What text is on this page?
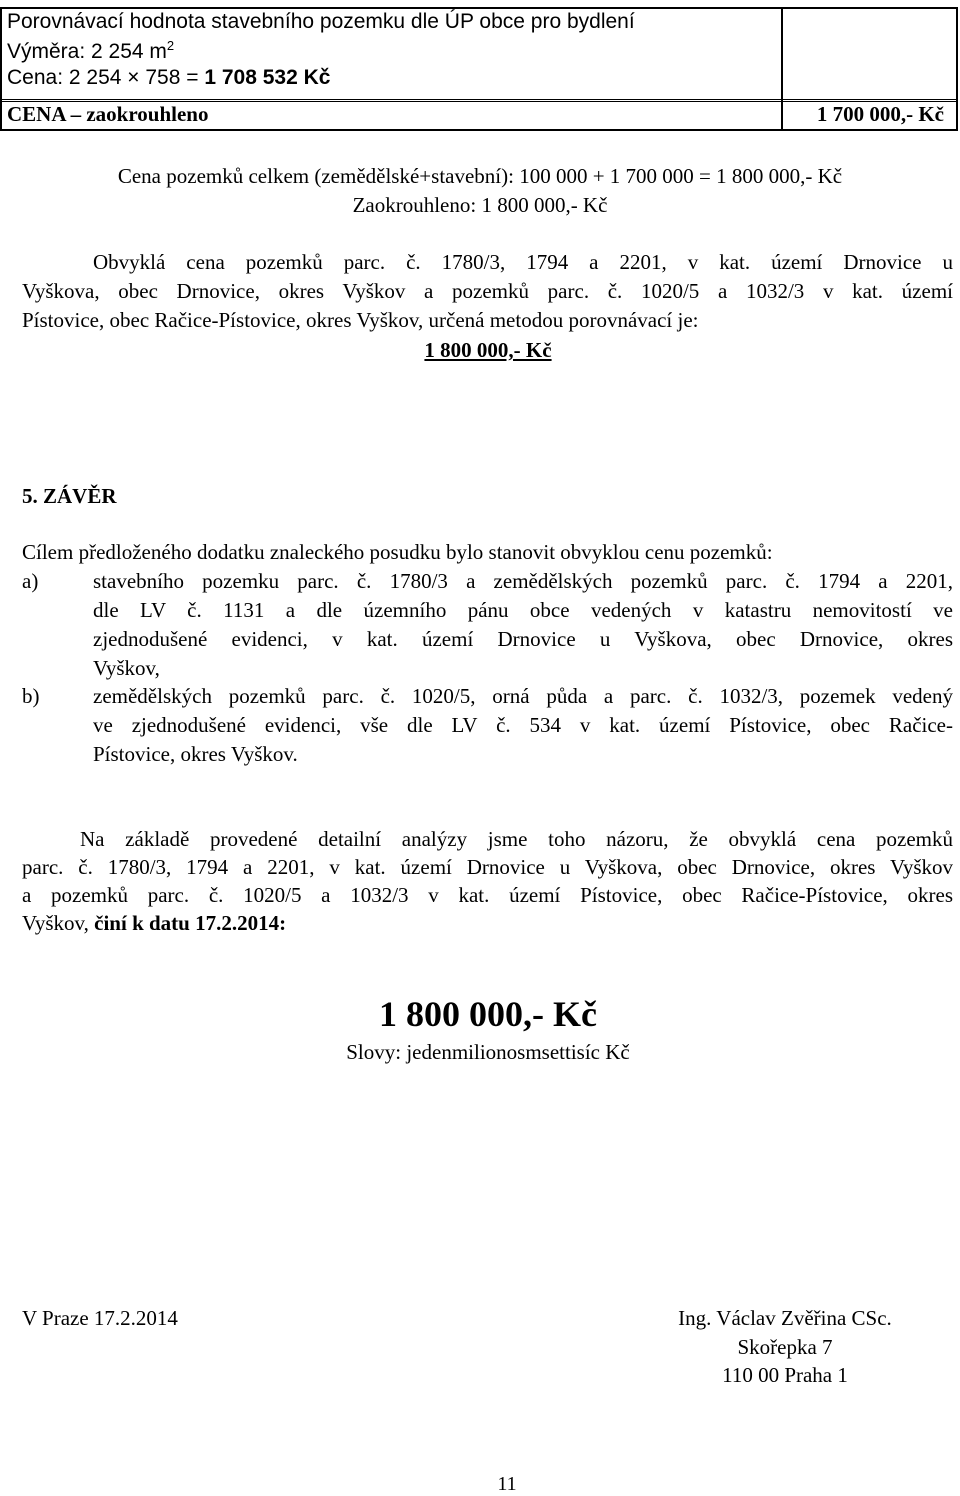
Porovnávací hodnota stavebního pozemku dle ÚP obce pro bydlení
Výměra: 2 254 $m^2$
Cena: 2 254 × 758 = 1 708 532 Kč
CENA – zaokrouhleno	1 700 000,- Kč
Cena pozemků celkem (zemědělské+stavební): 100 000 + 1 700 000 = 1 800 000,- Kč
Zaokrouhleno: 1 800 000,- Kč
Obvyklá cena pozemků parc. č. 1780/3, 1794 a 2201, v kat. území Drnovice u
Vyškova, obec Drnovice, okres Vyškov a pozemků parc. č. 1020/5 a 1032/3 v kat. území
Pístovice, obec Račice-Pístovice, okres Vyškov, určená metodou porovnávací je:
1 800 000,- Kč
5. ZÁVĚR
Cílem předloženého dodatku znaleckého posudku bylo stanovit obvyklou cenu pozemků:
a)	stavebního pozemku parc. č. 1780/3 a zemědělských pozemků parc. č. 1794 a 2201,
dle LV č. 1131 a dle územního pánu obce vedených v katastru nemovitostí ve
zjednodušené evidenci, v kat. území Drnovice u Vyškova, obec Drnovice, okres
Vyškov,
b)	zemědělských pozemků parc. č. 1020/5, orná půda a parc. č. 1032/3, pozemek vedený
ve zjednodušené evidenci, vše dle LV č. 534 v kat. území Pístovice, obec Račice-
Pístovice, okres Vyškov.
Na základě provedené detailní analýzy jsme toho názoru, že obvyklá cena pozemků
parc. č. 1780/3, 1794 a 2201, v kat. území Drnovice u Vyškova, obec Drnovice, okres Vyškov
a pozemků parc. č. 1020/5 a 1032/3 v kat. území Pístovice, obec Račice-Pístovice, okres
Vyškov, činí k datu 17.2.2014:
1 800 000,- Kč
Slovy: jedenmilionosmsettisíc Kč
V Praze 17.2.2014	Ing. Václav Zvěřina CSc.
Skořepka 7
110 00 Praha 1
11
